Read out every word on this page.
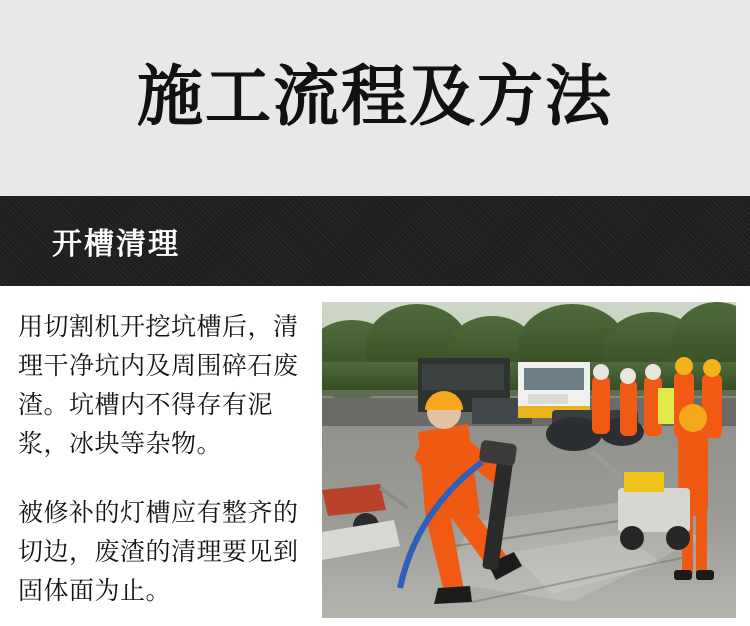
施工流程及方法
开槽清理

用切割机开挖坑槽后，清理干净坑内及周围碎石废渣。坑槽内不得存有泥浆，冰块等杂物。

被修补的灯槽应有整齐的切边，废渣的清理要见到固体面为止。
